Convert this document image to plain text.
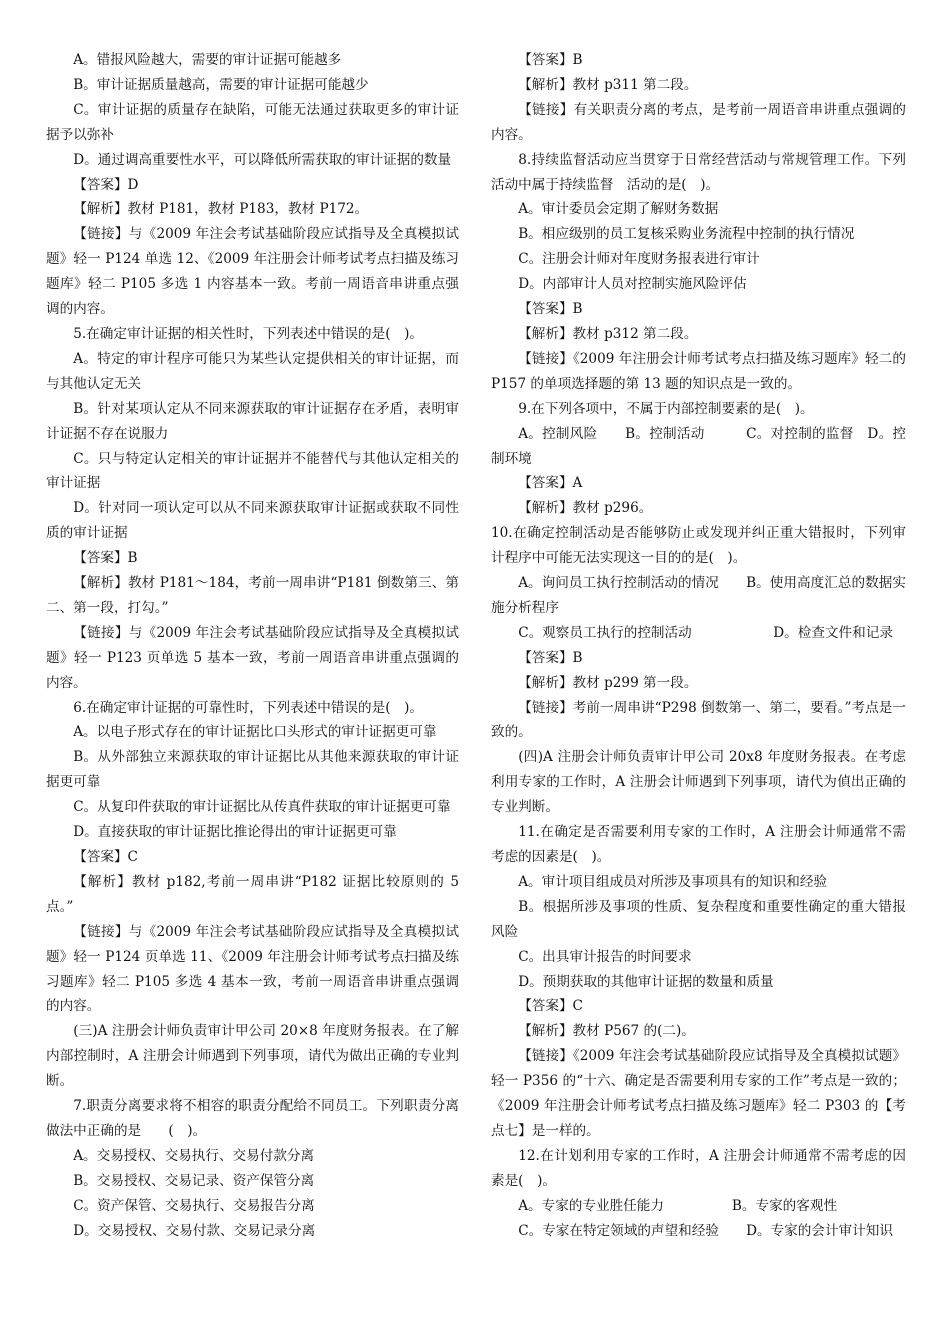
A。错报风险越大，需要的审计证据可能越多

B。审计证据质量越高，需要的审计证据可能越少

C。审计证据的质量存在缺陷，可能无法通过获取更多的审计证据予以弥补

D。通过调高重要性水平，可以降低所需获取的审计证据的数量

【答案】D

【解析】教材 P181，教材 P183，教材 P172。

【链接】与《2009 年注会考试基础阶段应试指导及全真模拟试题》轻一 P124 单选 12、《2009 年注册会计师考试考点扫描及练习题库》轻二 P105 多选 1 内容基本一致。考前一周语音串讲重点强调的内容。

5.在确定审计证据的相关性时，下列表述中错误的是(　)。

A。特定的审计程序可能只为某些认定提供相关的审计证据，而与其他认定无关

B。针对某项认定从不同来源获取的审计证据存在矛盾，表明审计证据不存在说服力

C。只与特定认定相关的审计证据并不能替代与其他认定相关的审计证据

D。针对同一项认定可以从不同来源获取审计证据或获取不同性质的审计证据

【答案】B

【解析】教材 P181～184，考前一周串讲“P181 倒数第三、第二、第一段，打勾。”

【链接】与《2009 年注会考试基础阶段应试指导及全真模拟试题》轻一 P123 页单选 5 基本一致，考前一周语音串讲重点强调的内容。

6.在确定审计证据的可靠性时，下列表述中错误的是(　)。

A。以电子形式存在的审计证据比口头形式的审计证据更可靠

B。从外部独立来源获取的审计证据比从其他来源获取的审计证据更可靠

C。从复印件获取的审计证据比从传真件获取的审计证据更可靠

D。直接获取的审计证据比推论得出的审计证据更可靠

【答案】C

【解析】教材 p182,考前一周串讲“P182 证据比较原则的 5 点。”

【链接】与《2009 年注会考试基础阶段应试指导及全真模拟试题》轻一 P124 页单选 11、《2009 年注册会计师考试考点扫描及练习题库》轻二 P105 多选 4 基本一致，考前一周语音串讲重点强调的内容。

(三)A 注册会计师负责审计甲公司 20×8 年度财务报表。在了解内部控制时，A 注册会计师遇到下列事项，请代为做出正确的专业判断。

7.职责分离要求将不相容的职责分配给不同员工。下列职责分离做法中正确的是　　(　)。

A。交易授权、交易执行、交易付款分离

B。交易授权、交易记录、资产保管分离

C。资产保管、交易执行、交易报告分离

D。交易授权、交易付款、交易记录分离

【答案】B

【解析】教材 p311 第二段。

【链接】有关职责分离的考点，是考前一周语音串讲重点强调的内容。

8.持续监督活动应当贯穿于日常经营活动与常规管理工作。下列活动中属于持续监督　活动的是(　)。

A。审计委员会定期了解财务数据

B。相应级别的员工复核采购业务流程中控制的执行情况

C。注册会计师对年度财务报表进行审计

D。内部审计人员对控制实施风险评估

【答案】B

【解析】教材 p312 第二段。

【链接】《2009 年注册会计师考试考点扫描及练习题库》轻二的 P157 的单项选择题的第 13 题的知识点是一致的。

9.在下列各项中，不属于内部控制要素的是(　)。

A。控制风险　　B。控制活动　　　C。对控制的监督　D。控制环境

【答案】A

【解析】教材 p296。

10.在确定控制活动是否能够防止或发现并纠正重大错报时，下列审计程序中可能无法实现这一目的的是(　)。

A。询问员工执行控制活动的情况　　B。使用高度汇总的数据实施分析程序

C。观察员工执行的控制活动　　　　　　D。检查文件和记录

【答案】B

【解析】教材 p299 第一段。

【链接】考前一周串讲“P298 倒数第一、第二，要看。”考点是一致的。

(四)A 注册会计师负责审计甲公司 20x8 年度财务报表。在考虑利用专家的工作时，A 注册会计师遇到下列事项，请代为偵出正确的专业判断。

11.在确定是否需要利用专家的工作时，A 注册会计师通常不需考虑的因素是(　)。

A。审计项目组成员对所涉及事项具有的知识和经验

B。根据所涉及事项的性质、复杂程度和重要性确定的重大错报风险

C。出具审计报告的时间要求

D。预期获取的其他审计证据的数量和质量

【答案】C

【解析】教材 P567 的(二)。

【链接】《2009 年注会考试基础阶段应试指导及全真模拟试题》轻一 P356 的“十六、确定是否需要利用专家的工作”考点是一致的；《2009 年注册会计师考试考点扫描及练习题库》轻二 P303 的【考点七】是一样的。

12.在计划利用专家的工作时，A 注册会计师通常不需考虑的因素是(　)。

A。专家的专业胜任能力　　　　　B。专家的客观性

C。专家在特定领域的声望和经验　　D。专家的会计审计知识
